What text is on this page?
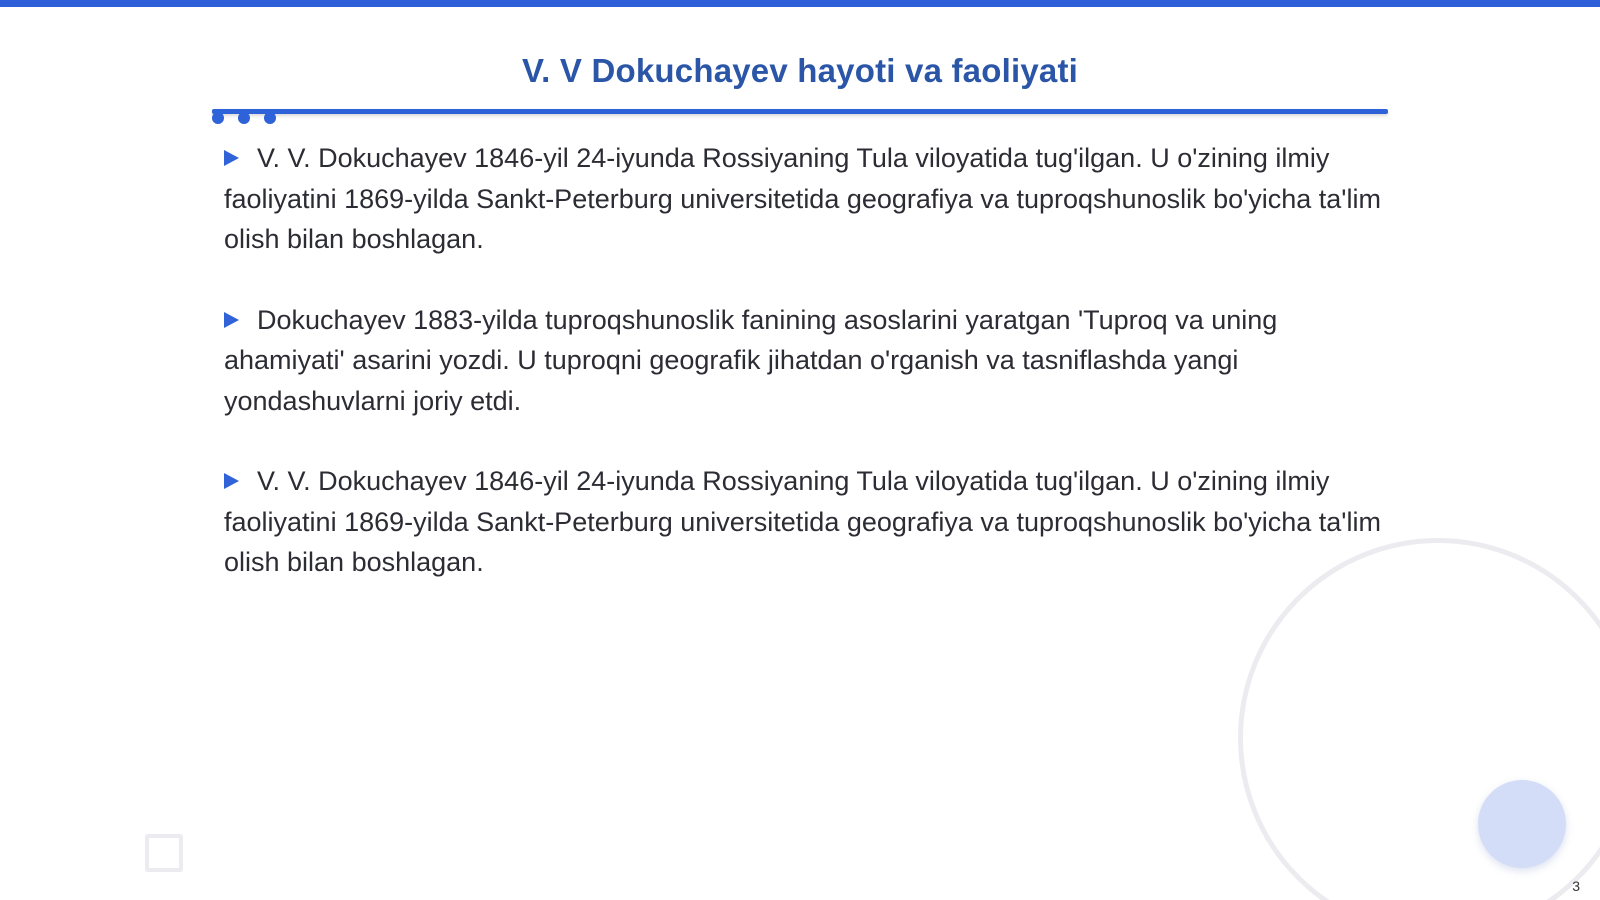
V. V Dokuchayev hayoti va faoliyati

V. V. Dokuchayev 1846-yil 24-iyunda Rossiyaning Tula viloyatida tug'ilgan. U o'zining ilmiy faoliyatini 1869-yilda Sankt-Peterburg universitetida geografiya va tuproqshunoslik bo'yicha ta'lim olish bilan boshlagan.

Dokuchayev 1883-yilda tuproqshunoslik fanining asoslarini yaratgan 'Tuproq va uning ahamiyati' asarini yozdi. U tuproqni geografik jihatdan o'rganish va tasniflashda yangi yondashuvlarni joriy etdi.

V. V. Dokuchayev 1846-yil 24-iyunda Rossiyaning Tula viloyatida tug'ilgan. U o'zining ilmiy faoliyatini 1869-yilda Sankt-Peterburg universitetida geografiya va tuproqshunoslik bo'yicha ta'lim olish bilan boshlagan.

3
